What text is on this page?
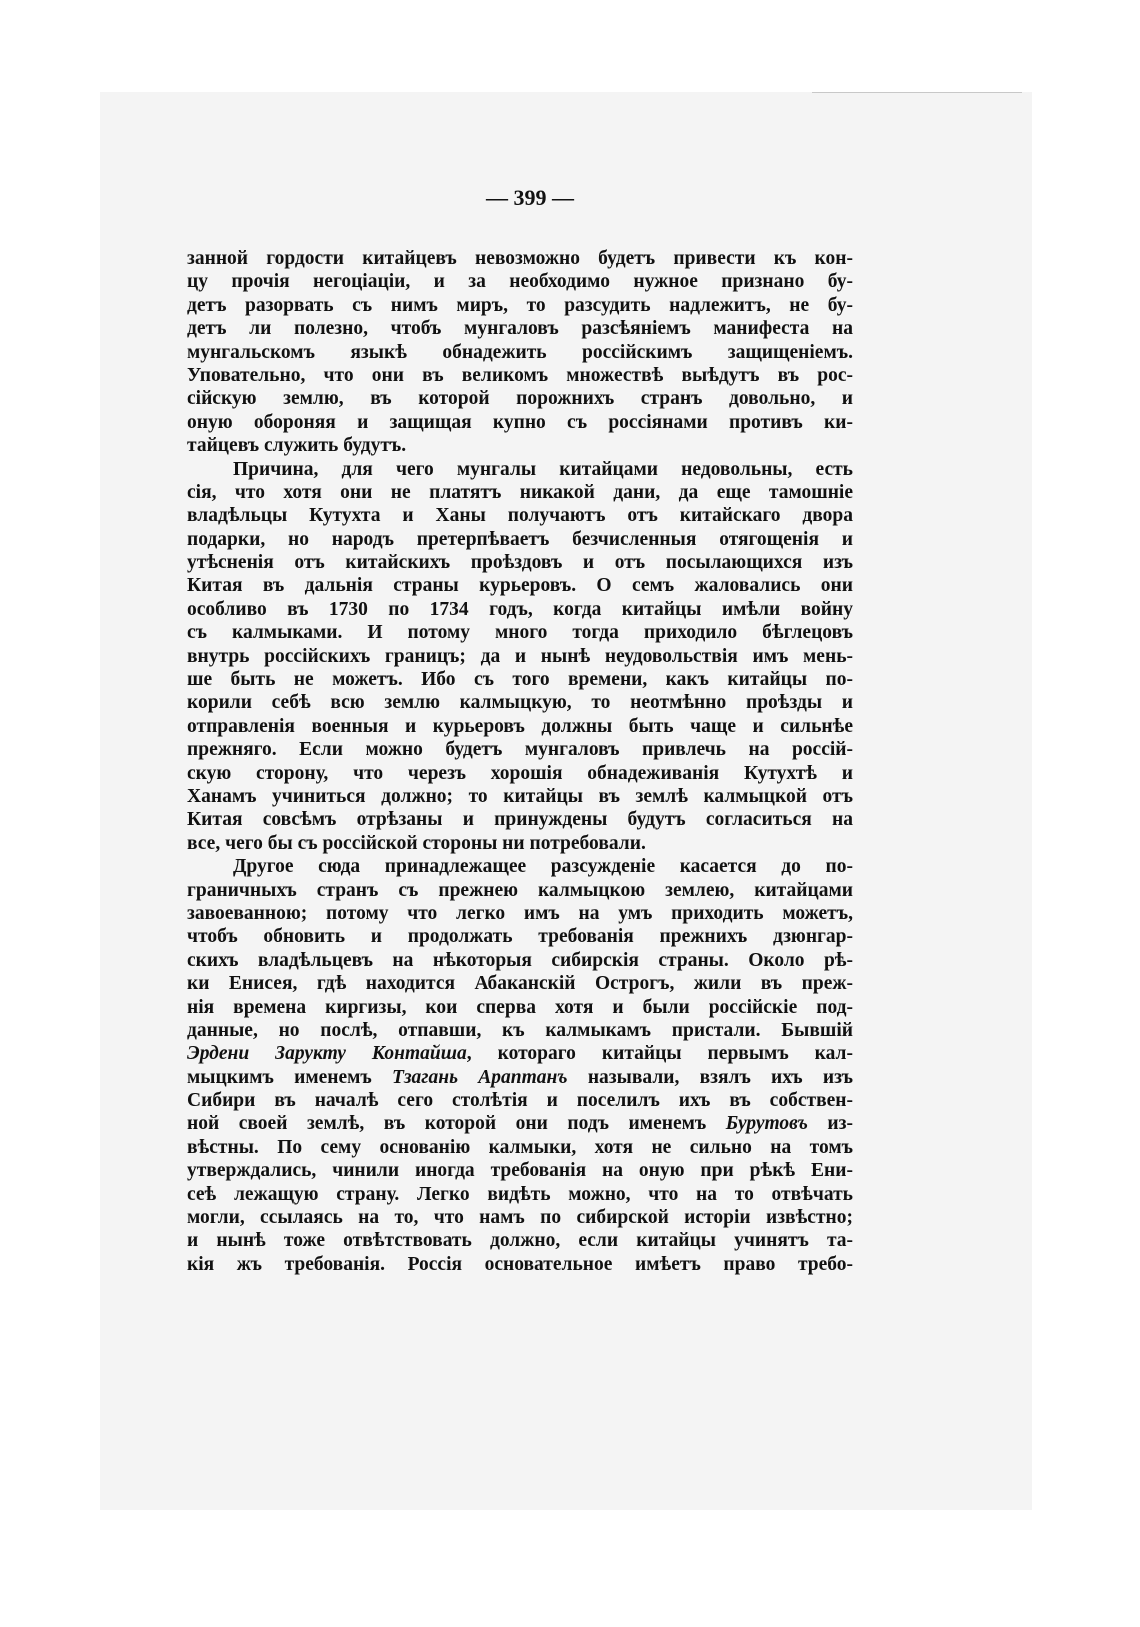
— 399 —
занной гордости китайцевъ невозможно будетъ привести къ кон-
цу прочія негоціаціи, и за необходимо нужное признано бу-
детъ разорвать съ нимъ миръ, то разсудить надлежитъ, не бу-
детъ ли полезно, чтобъ мунгаловъ разсѣяніемъ манифеста на
мунгальскомъ языкѣ обнадежить россійскимъ защищеніемъ.
Уповательно, что они въ великомъ множествѣ выѣдутъ въ рос-
сійскую землю, въ которой порожнихъ странъ довольно, и
оную обороняя и защищая купно съ россіянами противъ ки-
тайцевъ служить будутъ.
Причина, для чего мунгалы китайцами недовольны, есть
сія, что хотя они не платятъ никакой дани, да еще тамошніе
владѣльцы Кутухта и Ханы получаютъ отъ китайскаго двора
подарки, но народъ претерпѣваетъ безчисленныя отягощенія и
утѣсненія отъ китайскихъ проѣздовъ и отъ посылающихся изъ
Китая въ дальнія страны курьеровъ. О семъ жаловались они
особливо въ 1730 по 1734 годъ, когда китайцы имѣли войну
съ калмыками. И потому много тогда приходило бѣглецовъ
внутрь россійскихъ границъ; да и нынѣ неудовольствія имъ мень-
ше быть не можетъ. Ибо съ того времени, какъ китайцы по-
корили себѣ всю землю калмыцкую, то неотмѣнно проѣзды и
отправленія военныя и курьеровъ должны быть чаще и сильнѣе
прежняго. Если можно будетъ мунгаловъ привлечь на россій-
скую сторону, что черезъ хорошія обнадеживанія Кутухтѣ и
Ханамъ учиниться должно; то китайцы въ землѣ калмыцкой отъ
Китая совсѣмъ отрѣзаны и принуждены будутъ согласиться на
все, чего бы съ россійской стороны ни потребовали.
Другое сюда принадлежащее разсужденіе касается до по-
граничныхъ странъ съ прежнею калмыцкою землею, китайцами
завоеванною; потому что легко имъ на умъ приходить можетъ,
чтобъ обновить и продолжать требованія прежнихъ дзюнгар-
скихъ владѣльцевъ на нѣкоторыя сибирскія страны. Около рѣ-
ки Енисея, гдѣ находится Абаканскій Острогъ, жили въ преж-
нія времена киргизы, кои сперва хотя и были россійскіе под-
данные, но послѣ, отпавши, къ калмыкамъ пристали. Бывшій
Эрдени Зарукту Контайша, котораго китайцы первымъ кал-
мыцкимъ именемъ Тзагань Араптанъ называли, взялъ ихъ изъ
Сибири въ началѣ сего столѣтія и поселилъ ихъ въ собствен-
ной своей землѣ, въ которой они подъ именемъ Бурутовъ из-
вѣстны. По сему основанію калмыки, хотя не сильно на томъ
утверждались, чинили иногда требованія на оную при рѣкѣ Ени-
сеѣ лежащую страну. Легко видѣть можно, что на то отвѣчать
могли, ссылаясь на то, что намъ по сибирской исторіи извѣстно;
и нынѣ тоже отвѣтствовать должно, если китайцы учинятъ та-
кія жъ требованія. Россія основательное имѣетъ право требо-
